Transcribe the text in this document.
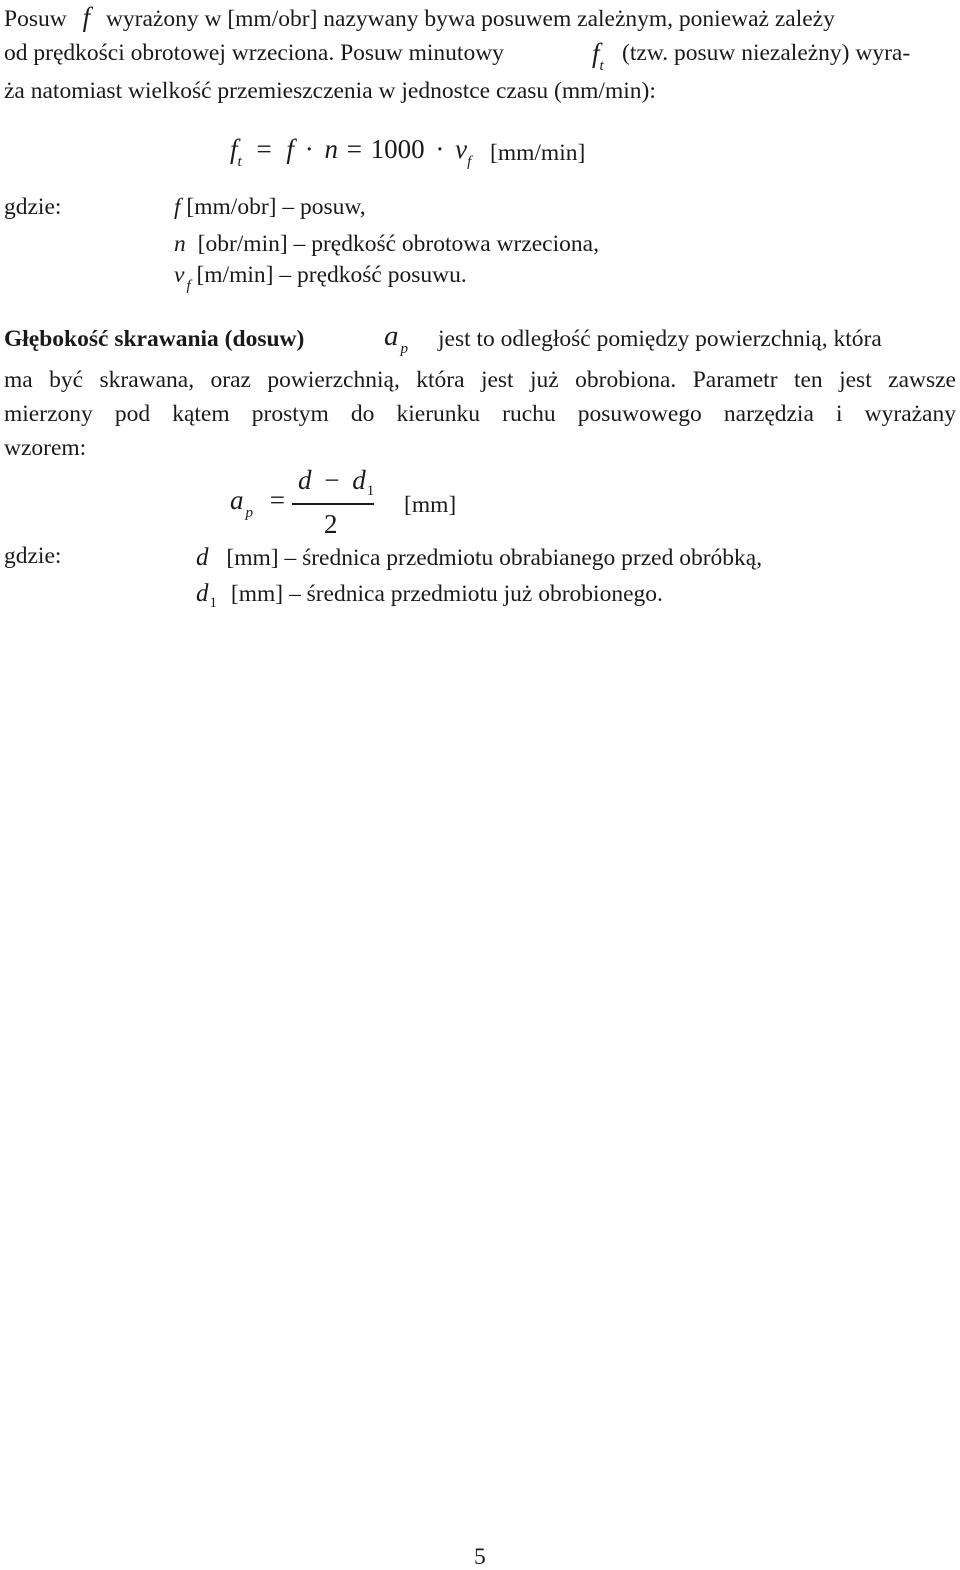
Posuw f wyrażony w [mm/obr] nazywany bywa posuwem zależnym, ponieważ zależy
od prędkości obrotowej wrzeciona. Posuw minutowy	$f_t$ (tzw. posuw niezależny) wyra-
ża natomiast wielkość przemieszczenia w jednostce czasu (mm/min):
$f_t = f \cdot n = 1000 \cdot v_f$ [mm/min]
gdzie:	f [mm/obr] – posuw,
n [obr/min] – prędkość obrotowa wrzeciona,
v $_f$ [m/min] – prędkość posuwu.
Głębokość skrawania (dosuw)	a $_p$ jest to odległość pomiędzy powierzchnią, która
ma być skrawana, oraz powierzchnią, która jest już obrobiona. Parametr ten jest zawsze
mierzony pod kątem prostym do kierunku ruchu posuwowego narzędzia i wyrażany
wzorem:
a $_p$ =
$d - d_1$
2
[mm]
gdzie:	d [mm] – średnica przedmiotu obrabianego przed obróbką,
$d_1$ [mm] – średnica przedmiotu już obrobionego.
5
